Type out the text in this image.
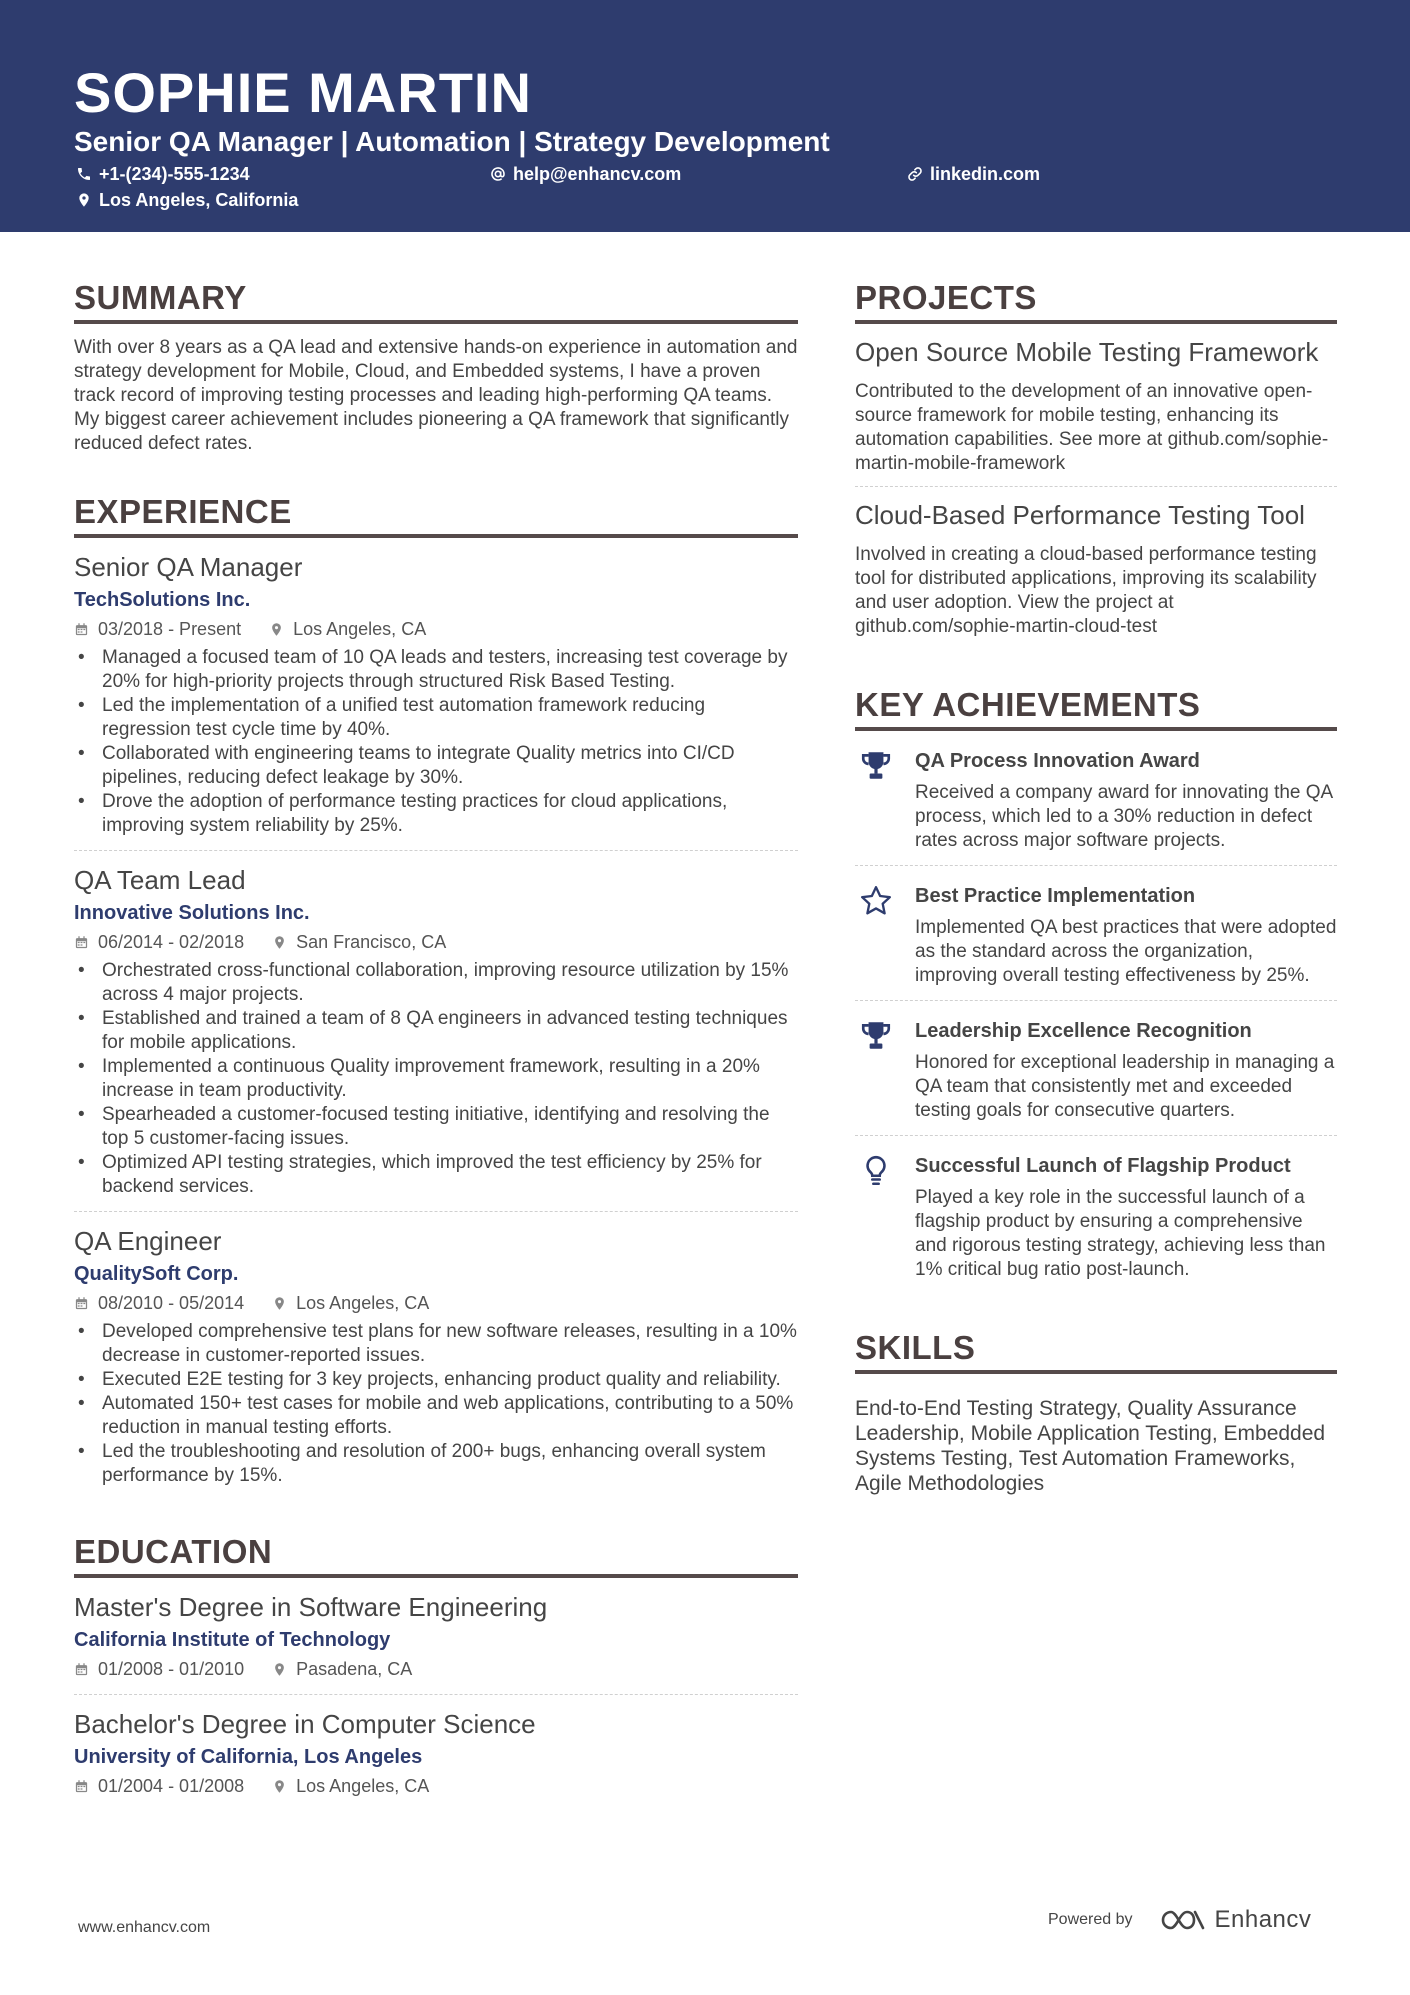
SOPHIE MARTIN
Senior QA Manager | Automation | Strategy Development
+1-(234)-555-1234	help@enhancv.com	linkedin.com
Los Angeles, California
SUMMARY
With over 8 years as a QA lead and extensive hands-on experience in automation and strategy development for Mobile, Cloud, and Embedded systems, I have a proven track record of improving testing processes and leading high-performing QA teams. My biggest career achievement includes pioneering a QA framework that significantly reduced defect rates.
EXPERIENCE
Senior QA Manager
TechSolutions Inc.
03/2018 - Present	Los Angeles, CA
• Managed a focused team of 10 QA leads and testers, increasing test coverage by 20% for high-priority projects through structured Risk Based Testing.
• Led the implementation of a unified test automation framework reducing regression test cycle time by 40%.
• Collaborated with engineering teams to integrate Quality metrics into CI/CD pipelines, reducing defect leakage by 30%.
• Drove the adoption of performance testing practices for cloud applications, improving system reliability by 25%.
QA Team Lead
Innovative Solutions Inc.
06/2014 - 02/2018	San Francisco, CA
• Orchestrated cross-functional collaboration, improving resource utilization by 15% across 4 major projects.
• Established and trained a team of 8 QA engineers in advanced testing techniques for mobile applications.
• Implemented a continuous Quality improvement framework, resulting in a 20% increase in team productivity.
• Spearheaded a customer-focused testing initiative, identifying and resolving the top 5 customer-facing issues.
• Optimized API testing strategies, which improved the test efficiency by 25% for backend services.
QA Engineer
QualitySoft Corp.
08/2010 - 05/2014	Los Angeles, CA
• Developed comprehensive test plans for new software releases, resulting in a 10% decrease in customer-reported issues.
• Executed E2E testing for 3 key projects, enhancing product quality and reliability.
• Automated 150+ test cases for mobile and web applications, contributing to a 50% reduction in manual testing efforts.
• Led the troubleshooting and resolution of 200+ bugs, enhancing overall system performance by 15%.
EDUCATION
Master's Degree in Software Engineering
California Institute of Technology
01/2008 - 01/2010	Pasadena, CA
Bachelor's Degree in Computer Science
University of California, Los Angeles
01/2004 - 01/2008	Los Angeles, CA
PROJECTS
Open Source Mobile Testing Framework
Contributed to the development of an innovative open-source framework for mobile testing, enhancing its automation capabilities. See more at github.com/sophie-martin-mobile-framework
Cloud-Based Performance Testing Tool
Involved in creating a cloud-based performance testing tool for distributed applications, improving its scalability and user adoption. View the project at github.com/sophie-martin-cloud-test
KEY ACHIEVEMENTS
QA Process Innovation Award
Received a company award for innovating the QA process, which led to a 30% reduction in defect rates across major software projects.
Best Practice Implementation
Implemented QA best practices that were adopted as the standard across the organization, improving overall testing effectiveness by 25%.
Leadership Excellence Recognition
Honored for exceptional leadership in managing a QA team that consistently met and exceeded testing goals for consecutive quarters.
Successful Launch of Flagship Product
Played a key role in the successful launch of a flagship product by ensuring a comprehensive and rigorous testing strategy, achieving less than 1% critical bug ratio post-launch.
SKILLS
End-to-End Testing Strategy, Quality Assurance Leadership, Mobile Application Testing, Embedded Systems Testing, Test Automation Frameworks, Agile Methodologies
www.enhancv.com	Powered by	Enhancv
